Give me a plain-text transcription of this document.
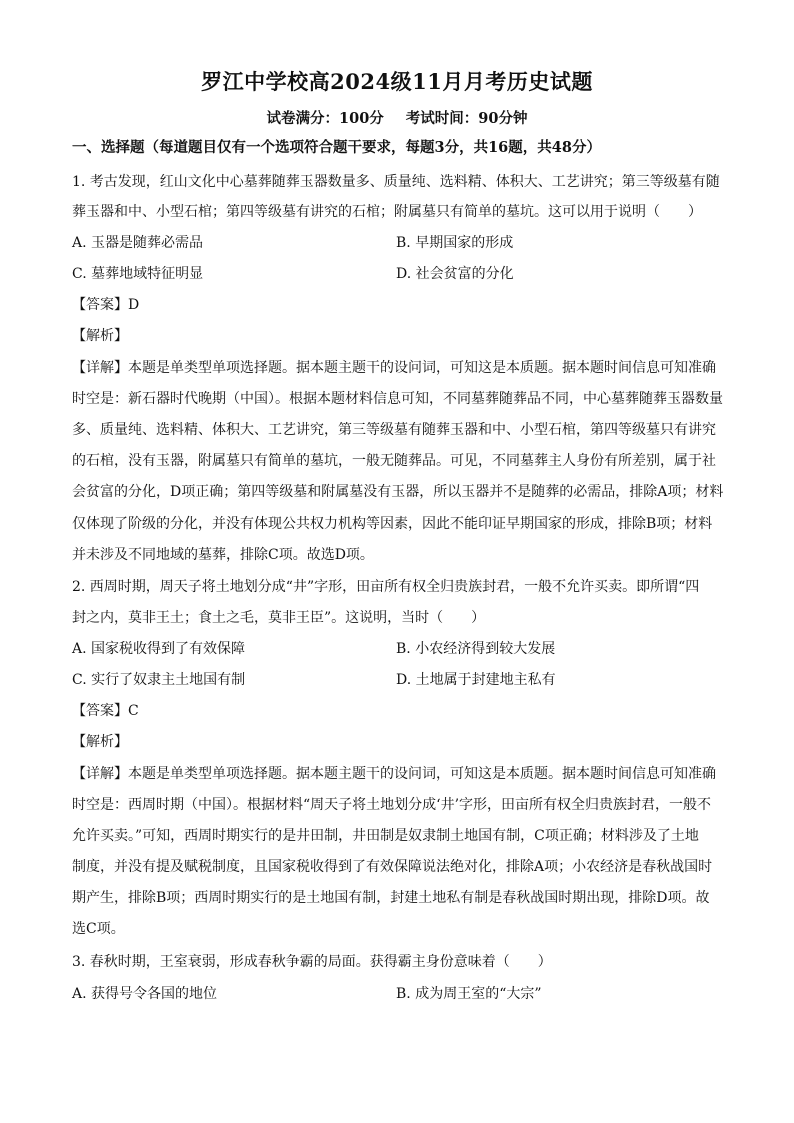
罗江中学校高2024级11月月考历史试题
试卷满分：100分 考试时间：90分钟
一、选择题（每道题目仅有一个选项符合题干要求，每题3分，共16题，共48分）
1. 考古发现，红山文化中心墓葬随葬玉器数量多、质量纯、选料精、体积大、工艺讲究；第三等级墓有随
葬玉器和中、小型石棺；第四等级墓有讲究的石棺；附属墓只有简单的墓坑。这可以用于说明（　　）
A. 玉器是随葬必需品	B. 早期国家的形成
C. 墓葬地域特征明显	D. 社会贫富的分化
【答案】D
【解析】
【详解】本题是单类型单项选择题。据本题主题干的设问词，可知这是本质题。据本题时间信息可知准确
时空是：新石器时代晚期（中国）。根据本题材料信息可知，不同墓葬随葬品不同，中心墓葬随葬玉器数量
多、质量纯、选料精、体积大、工艺讲究，第三等级墓有随葬玉器和中、小型石棺，第四等级墓只有讲究
的石棺，没有玉器，附属墓只有简单的墓坑，一般无随葬品。可见，不同墓葬主人身份有所差别，属于社
会贫富的分化，D项正确；第四等级墓和附属墓没有玉器，所以玉器并不是随葬的必需品，排除A项；材料
仅体现了阶级的分化，并没有体现公共权力机构等因素，因此不能印证早期国家的形成，排除B项；材料
并未涉及不同地域的墓葬，排除C项。故选D项。
2. 西周时期，周天子将土地划分成“井”字形，田亩所有权全归贵族封君，一般不允许买卖。即所谓“四
封之内，莫非王土；食土之毛，莫非王臣”。这说明，当时（　　）
A. 国家税收得到了有效保障	B. 小农经济得到较大发展
C. 实行了奴隶主土地国有制	D. 土地属于封建地主私有
【答案】C
【解析】
【详解】本题是单类型单项选择题。据本题主题干的设问词，可知这是本质题。据本题时间信息可知准确
时空是：西周时期（中国）。根据材料“周天子将土地划分成‘井’字形，田亩所有权全归贵族封君，一般不
允许买卖。”可知，西周时期实行的是井田制，井田制是奴隶制土地国有制，C项正确；材料涉及了土地
制度，并没有提及赋税制度，且国家税收得到了有效保障说法绝对化，排除A项；小农经济是春秋战国时
期产生，排除B项；西周时期实行的是土地国有制，封建土地私有制是春秋战国时期出现，排除D项。故
选C项。
3. 春秋时期，王室衰弱，形成春秋争霸的局面。获得霸主身份意味着（　　）
A. 获得号令各国的地位	B. 成为周王室的“大宗”
